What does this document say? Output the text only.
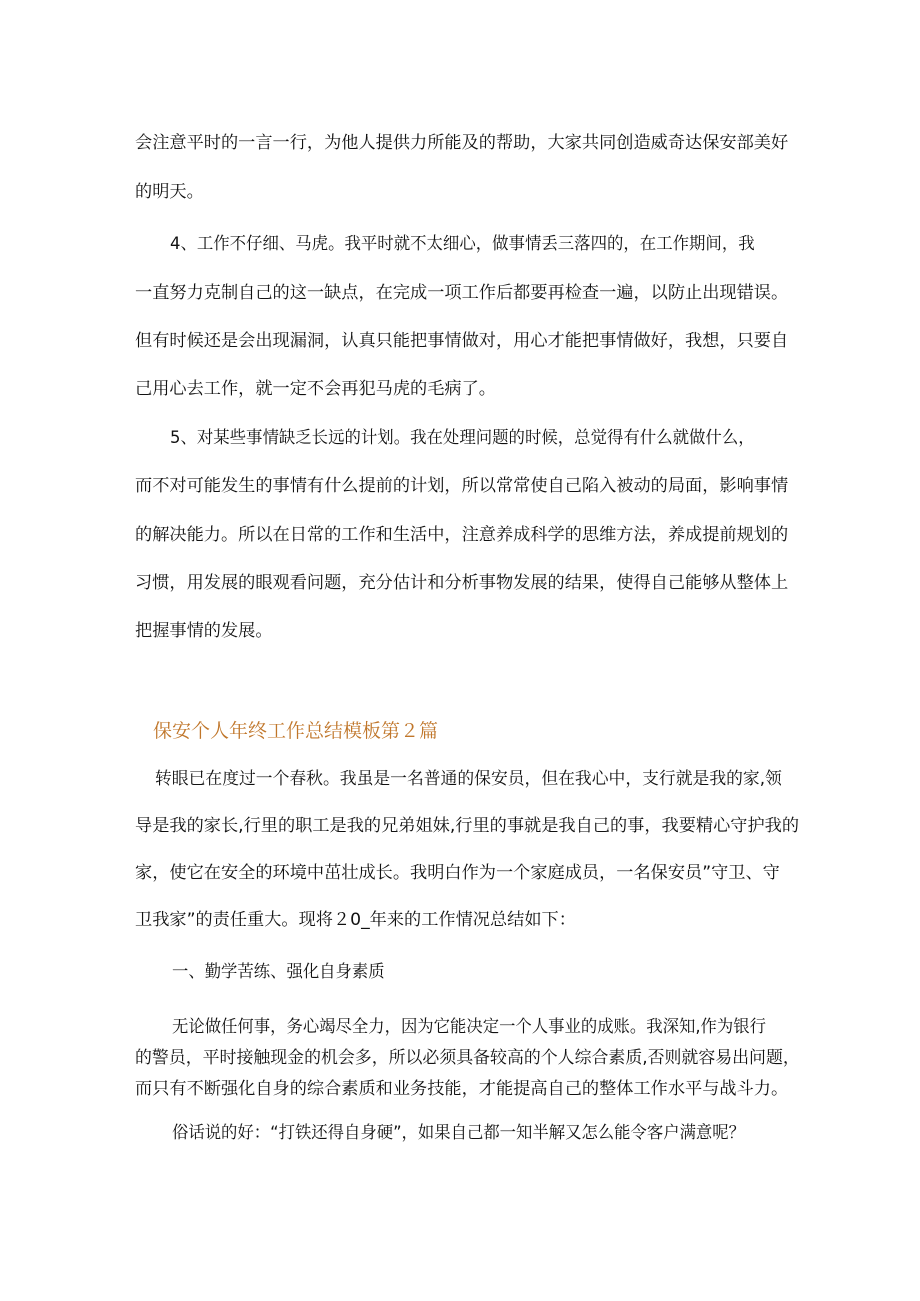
会注意平时的一言一行，为他人提供力所能及的帮助，大家共同创造威奇达保安部美好

的明天。

4、工作不仔细、马虎。我平时就不太细心，做事情丢三落四的，在工作期间，我

一直努力克制自己的这一缺点，在完成一项工作后都要再检查一遍，以防止出现错误。

但有时候还是会出现漏洞，认真只能把事情做对，用心才能把事情做好，我想，只要自

己用心去工作，就一定不会再犯马虎的毛病了。

5、对某些事情缺乏长远的计划。我在处理问题的时候，总觉得有什么就做什么，

而不对可能发生的事情有什么提前的计划，所以常常使自己陷入被动的局面，影响事情

的解决能力。所以在日常的工作和生活中，注意养成科学的思维方法，养成提前规划的

习惯，用发展的眼观看问题，充分估计和分析事物发展的结果，使得自己能够从整体上

把握事情的发展。

保安个人年终工作总结模板第２篇

转眼已在度过一个春秋。我虽是一名普通的保安员，但在我心中，支行就是我的家,领

导是我的家长,行里的职工是我的兄弟姐妹,行里的事就是我自己的事，我要精心守护我的

家，使它在安全的环境中茁壮成长。我明白作为一个家庭成员，一名保安员”守卫、守

卫我家”的责任重大。现将２0_年来的工作情况总结如下：

一、勤学苦练、强化自身素质

无论做任何事，务心竭尽全力，因为它能决定一个人事业的成账。我深知,作为银行

的警员，平时接触现金的机会多，所以必须具备较高的个人综合素质,否则就容易出问题，

而只有不断强化自身的综合素质和业务技能，才能提高自己的整体工作水平与战斗力。

俗话说的好：“打铁还得自身硬”，如果自己都一知半解又怎么能令客户满意呢？
